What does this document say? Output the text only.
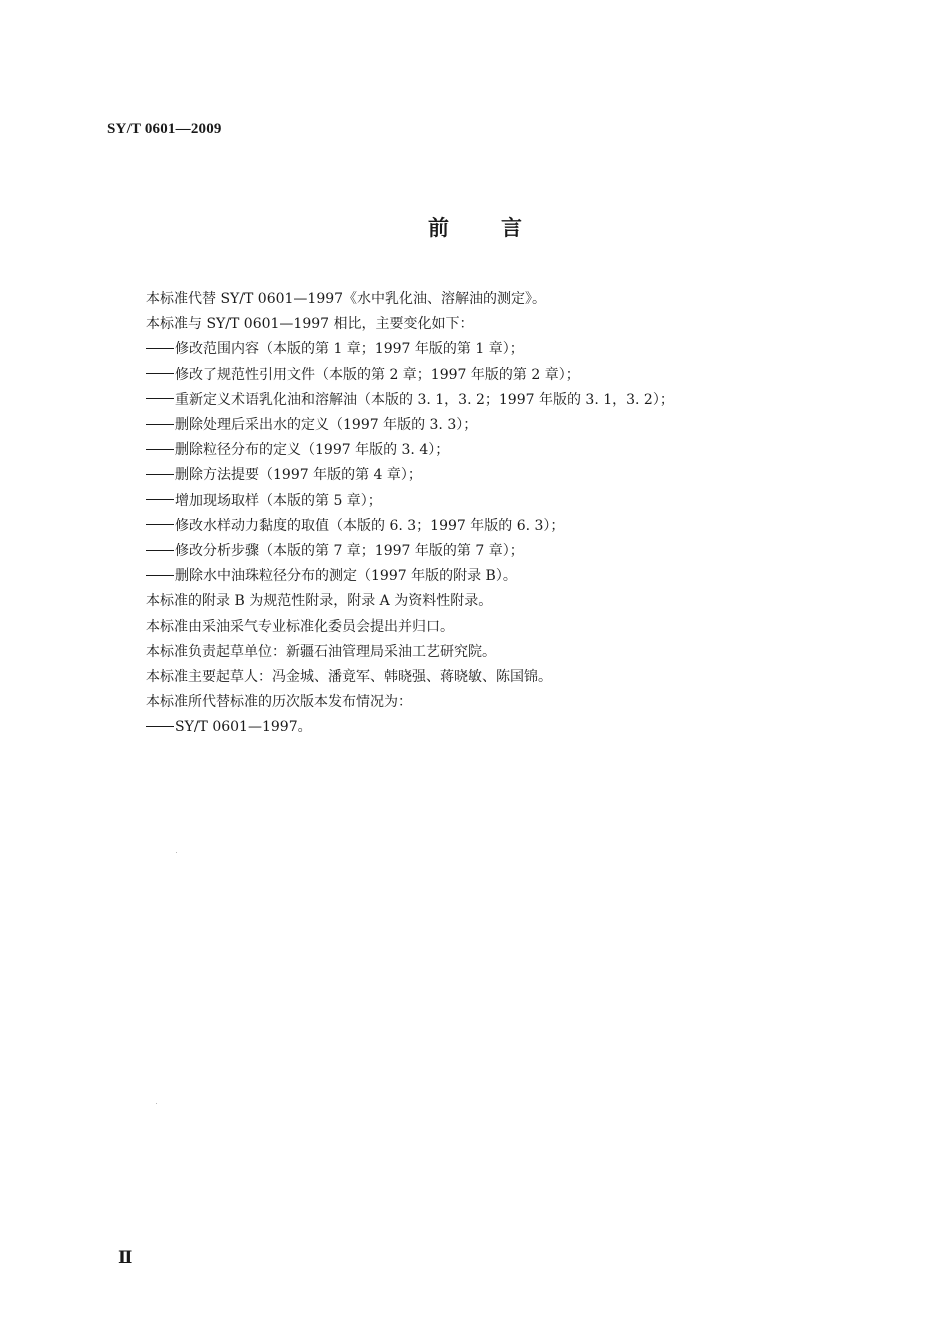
SY/T 0601—2009
前言
本标准代替 SY/T 0601—1997《水中乳化油、溶解油的测定》。
本标准与 SY/T 0601—1997 相比，主要变化如下：
修改范围内容（本版的第 1 章；1997 年版的第 1 章）；
修改了规范性引用文件（本版的第 2 章；1997 年版的第 2 章）；
重新定义术语乳化油和溶解油（本版的 3. 1，3. 2；1997 年版的 3. 1，3. 2）；
删除处理后采出水的定义（1997 年版的 3. 3）；
删除粒径分布的定义（1997 年版的 3. 4）；
删除方法提要（1997 年版的第 4 章）；
增加现场取样（本版的第 5 章）；
修改水样动力黏度的取值（本版的 6. 3；1997 年版的 6. 3）；
修改分析步骤（本版的第 7 章；1997 年版的第 7 章）；
删除水中油珠粒径分布的测定（1997 年版的附录 B）。
本标准的附录 B 为规范性附录，附录 A 为资料性附录。
本标准由采油采气专业标准化委员会提出并归口。
本标准负责起草单位：新疆石油管理局采油工艺研究院。
本标准主要起草人：冯金城、潘竟军、韩晓强、蒋晓敏、陈国锦。
本标准所代替标准的历次版本发布情况为：
SY/T 0601—1997。
Ⅱ
